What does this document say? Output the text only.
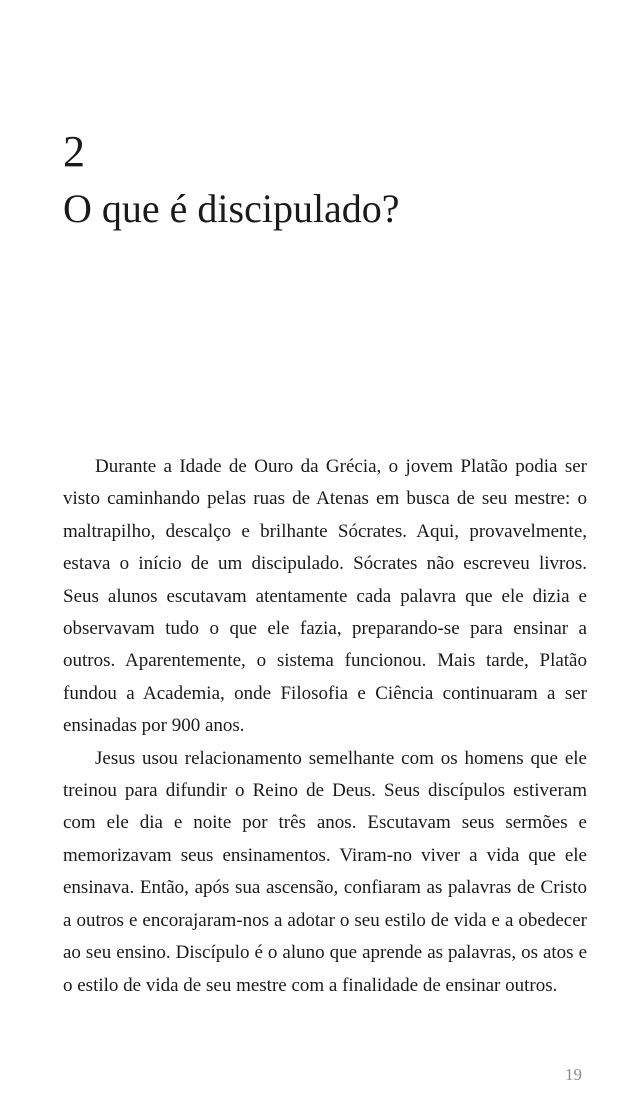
2
O que é discipulado?

Durante a Idade de Ouro da Grécia, o jovem Platão podia ser visto caminhando pelas ruas de Atenas em busca de seu mestre: o maltrapilho, descalço e brilhante Sócrates. Aqui, provavelmente, estava o início de um discipulado. Sócrates não escreveu livros. Seus alunos escutavam atentamente cada palavra que ele dizia e observavam tudo o que ele fazia, preparando-se para ensinar a outros. Aparentemente, o sistema funcionou. Mais tarde, Platão fundou a Academia, onde Filosofia e Ciência continuaram a ser ensinadas por 900 anos.

Jesus usou relacionamento semelhante com os homens que ele treinou para difundir o Reino de Deus. Seus discípulos estiveram com ele dia e noite por três anos. Escutavam seus sermões e memorizavam seus ensinamentos. Viram-no viver a vida que ele ensinava. Então, após sua ascensão, confiaram as palavras de Cristo a outros e encorajaram-nos a adotar o seu estilo de vida e a obedecer ao seu ensino. Discípulo é o aluno que aprende as palavras, os atos e o estilo de vida de seu mestre com a finalidade de ensinar outros.

19
